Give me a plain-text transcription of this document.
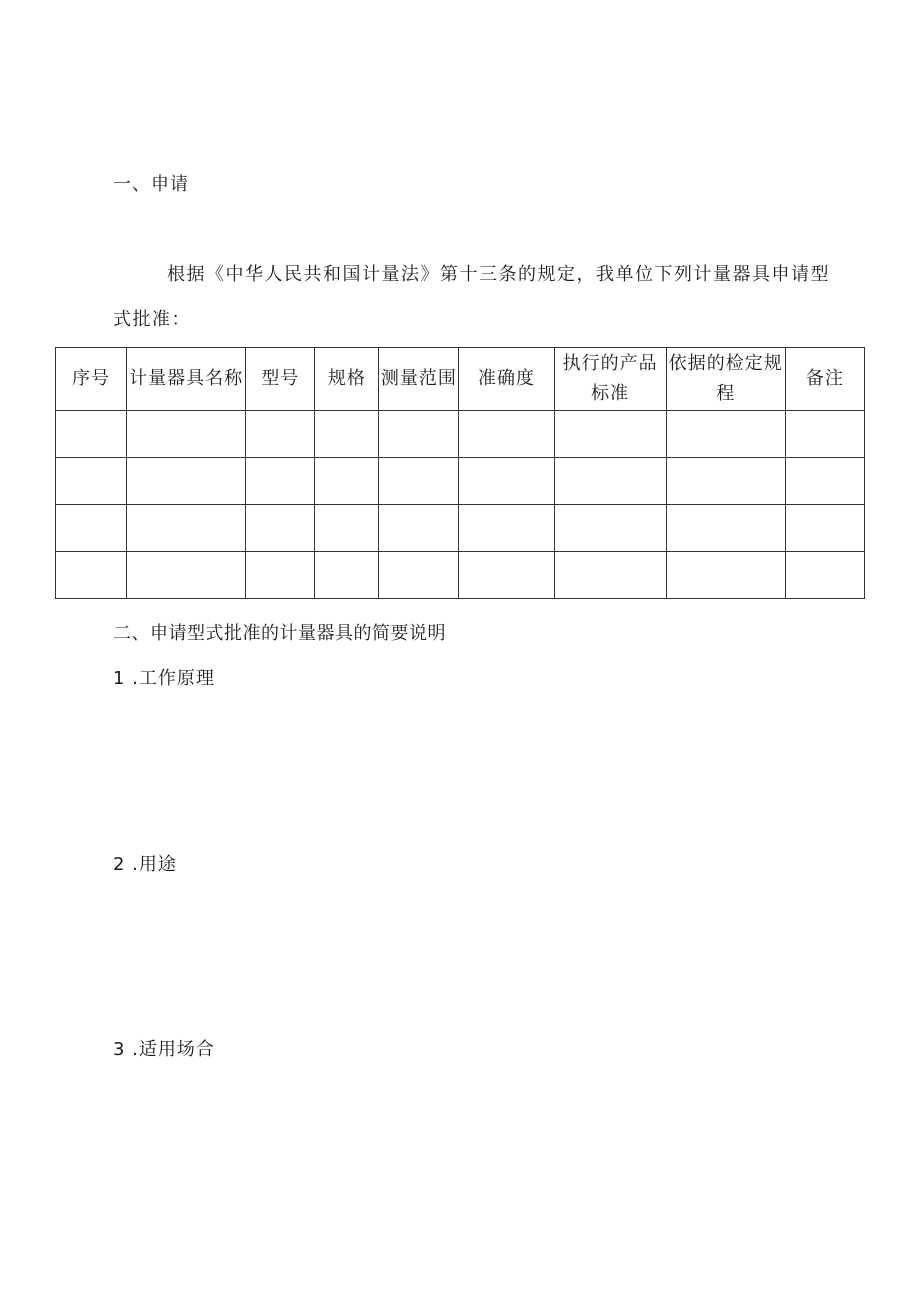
一、申请
根据《中华人民共和国计量法》第十三条的规定，我单位下列计量器具申请型
式批准：
序号	计量器具名称	型号	规格	测量范围	准确度	执行的产品标准	依据的检定规程	备注

二、申请型式批准的计量器具的简要说明
1 .工作原理
2 .用途
3 .适用场合
